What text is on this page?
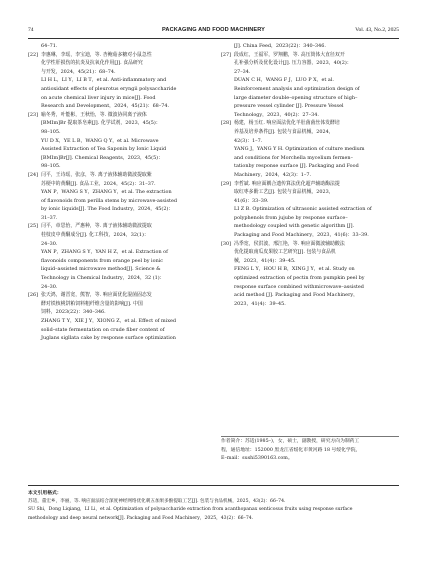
74	PACKAGING AND FOOD MACHINERY	Vol. 43, No.2, 2025
64–71.
[22] 李惠琳，李瑶，李宝迪，等. 杏鲍菇多糖对小鼠急性
化学性肝损伤的抗炎及抗氧化作用[J]. 食品研究
与开发，2024，45(21)：68–74.
LI H L，LI Y，LI B T，et al. Anti-inflammatory and
antioxidant effects of pleurotus eryngii polysaccharide
on acute chemical liver injury in mice[J]. Food
Research and Development，2024，45(21)：68–74.
[23] 喻冬秀，叶能彬，王秋怡，等. 微波协同离子液体
[BMIm]Br 提取茶皂素[J]. 化学试剂，2023，45(5)：
98–105.
YU D X，YE L B，WANG Q Y，et al. Microwave
Assisted Extraction of Tea Saponin by Ionic Liquid
[BMIm]Br[J]. Chemical Reagents，2023，45(5)：
98–105.
[24] 闫平，王诗瑶，张彦，等. 离子液体辅助微波提取紫
苏梗中的黄酮[J]. 食品工业，2024，45(2)：31–37.
YAN P，WANG S Y，ZHANG Y，et al. The extraction
of flavonoids from perilla stems by microwave-assisted
by ionic liquids[J]. The Food Industry，2024，45(2)：
31–37.
[25] 闫平，章思怡，严惠种，等. 离子液体辅助微波提取
桂枝皮中黄酮成分[J]. 化工科技，2024，32(1)：
24–30.
YAN P，ZHANG S Y，YAN H Z，et al. Extraction of
flavonoids components from orange peel by ionic
liquid–assisted microwave method[J]. Science &
Technology in Chemical Industry，2024，32 (1)：
24–30.
[26] 张天鸿，谢晋宽，熊智，等. 响应面优化混菌固态发
酵对铁核桃饼粕饲料粗纤维含量的影响[J]. 中国
饲料，2023(22)：340–346.
ZHANG T Y，XIE J Y，XIONG Z，et al. Effect of mixed
solid–state fermentation on crude fiber content of
Juglans sigllata cake by response surface optimization
[J]. China Feed，2023(22)：340–346.
[27] 段成红，王福军，罗翔鹏，等. 高压筒体大直径双开
孔补强分析及优化设计[J]. 压力容器，2023，40(2)：
27–34.
DUAN C H，WANG F J，LUO P X，et al.
Reinforcement analysis and optimization design of
large diameter double–opening structure of high–
pressure vessel cylinder [J]. Pressure Vessel
Technology，2023，40(2)：27–34.
[28] 杨建，杨玉红. 响应面法优化羊肚菌菌丝体发酵培
养基及培养条件[J]. 包装与食品机械，2024，
42(3)：1–7.
YANG J，YANG Y H. Optimization of culture medium
and conditions for Morchella mycelium fermen–
tationby response surface [J]. Packaging and Food
Machinery，2024，42(3)：1–7.
[29] 李哲斌. 响应面耦合遗传算法优化超声辅助酶法提
取红枣多酚工艺[J]. 包装与食品机械，2023，
41(6)：33–39.
LI Z B. Optimization of ultrasonic assisted extraction of
polyphenols from jujube by response surface–
methodology coupled with genetic algorithm [J].
Packaging and Food Machinery，2023，41(6)：33–39.
[30] 冯季宽，侯洪波，邢江艳，等. 响应面微波辅助酸法
优化提取南瓜皮果胶工艺研究[J]. 包装与食品机
械，2023，41(4)：39–45.
FENG L Y，HOU H B，XING J Y，et al. Study on
optimized extraction of pectin from pumpkin peel by
response surface combined withmicrowave–assisted
acid method [J]. Packaging and Food Machinery，
2023，41(4)：39–45.
作者简介：苏适(1985–)，女，硕士，副教授，研究方向为制药工
程，通信地址：152000 黑龙江省绥化市黄河路 18 号绥化学院，
E–mail：sushi5390163.com。
本文引用格式：
苏适，董宏乡，李丽，等. 响应面法结合深度神经网络优化刺五加果多酚提取工艺[J]. 包装与食品机械，2025，43(2)：66–74.
SU Shi，Dong Liqiang，LI Li，et al. Optimization of polysaccharide extraction from acanthopanax senticosus fruits using response surface
methodology and deep neural network[J]. Packaging and Food Machinery，2025，43(2)：66–74.
